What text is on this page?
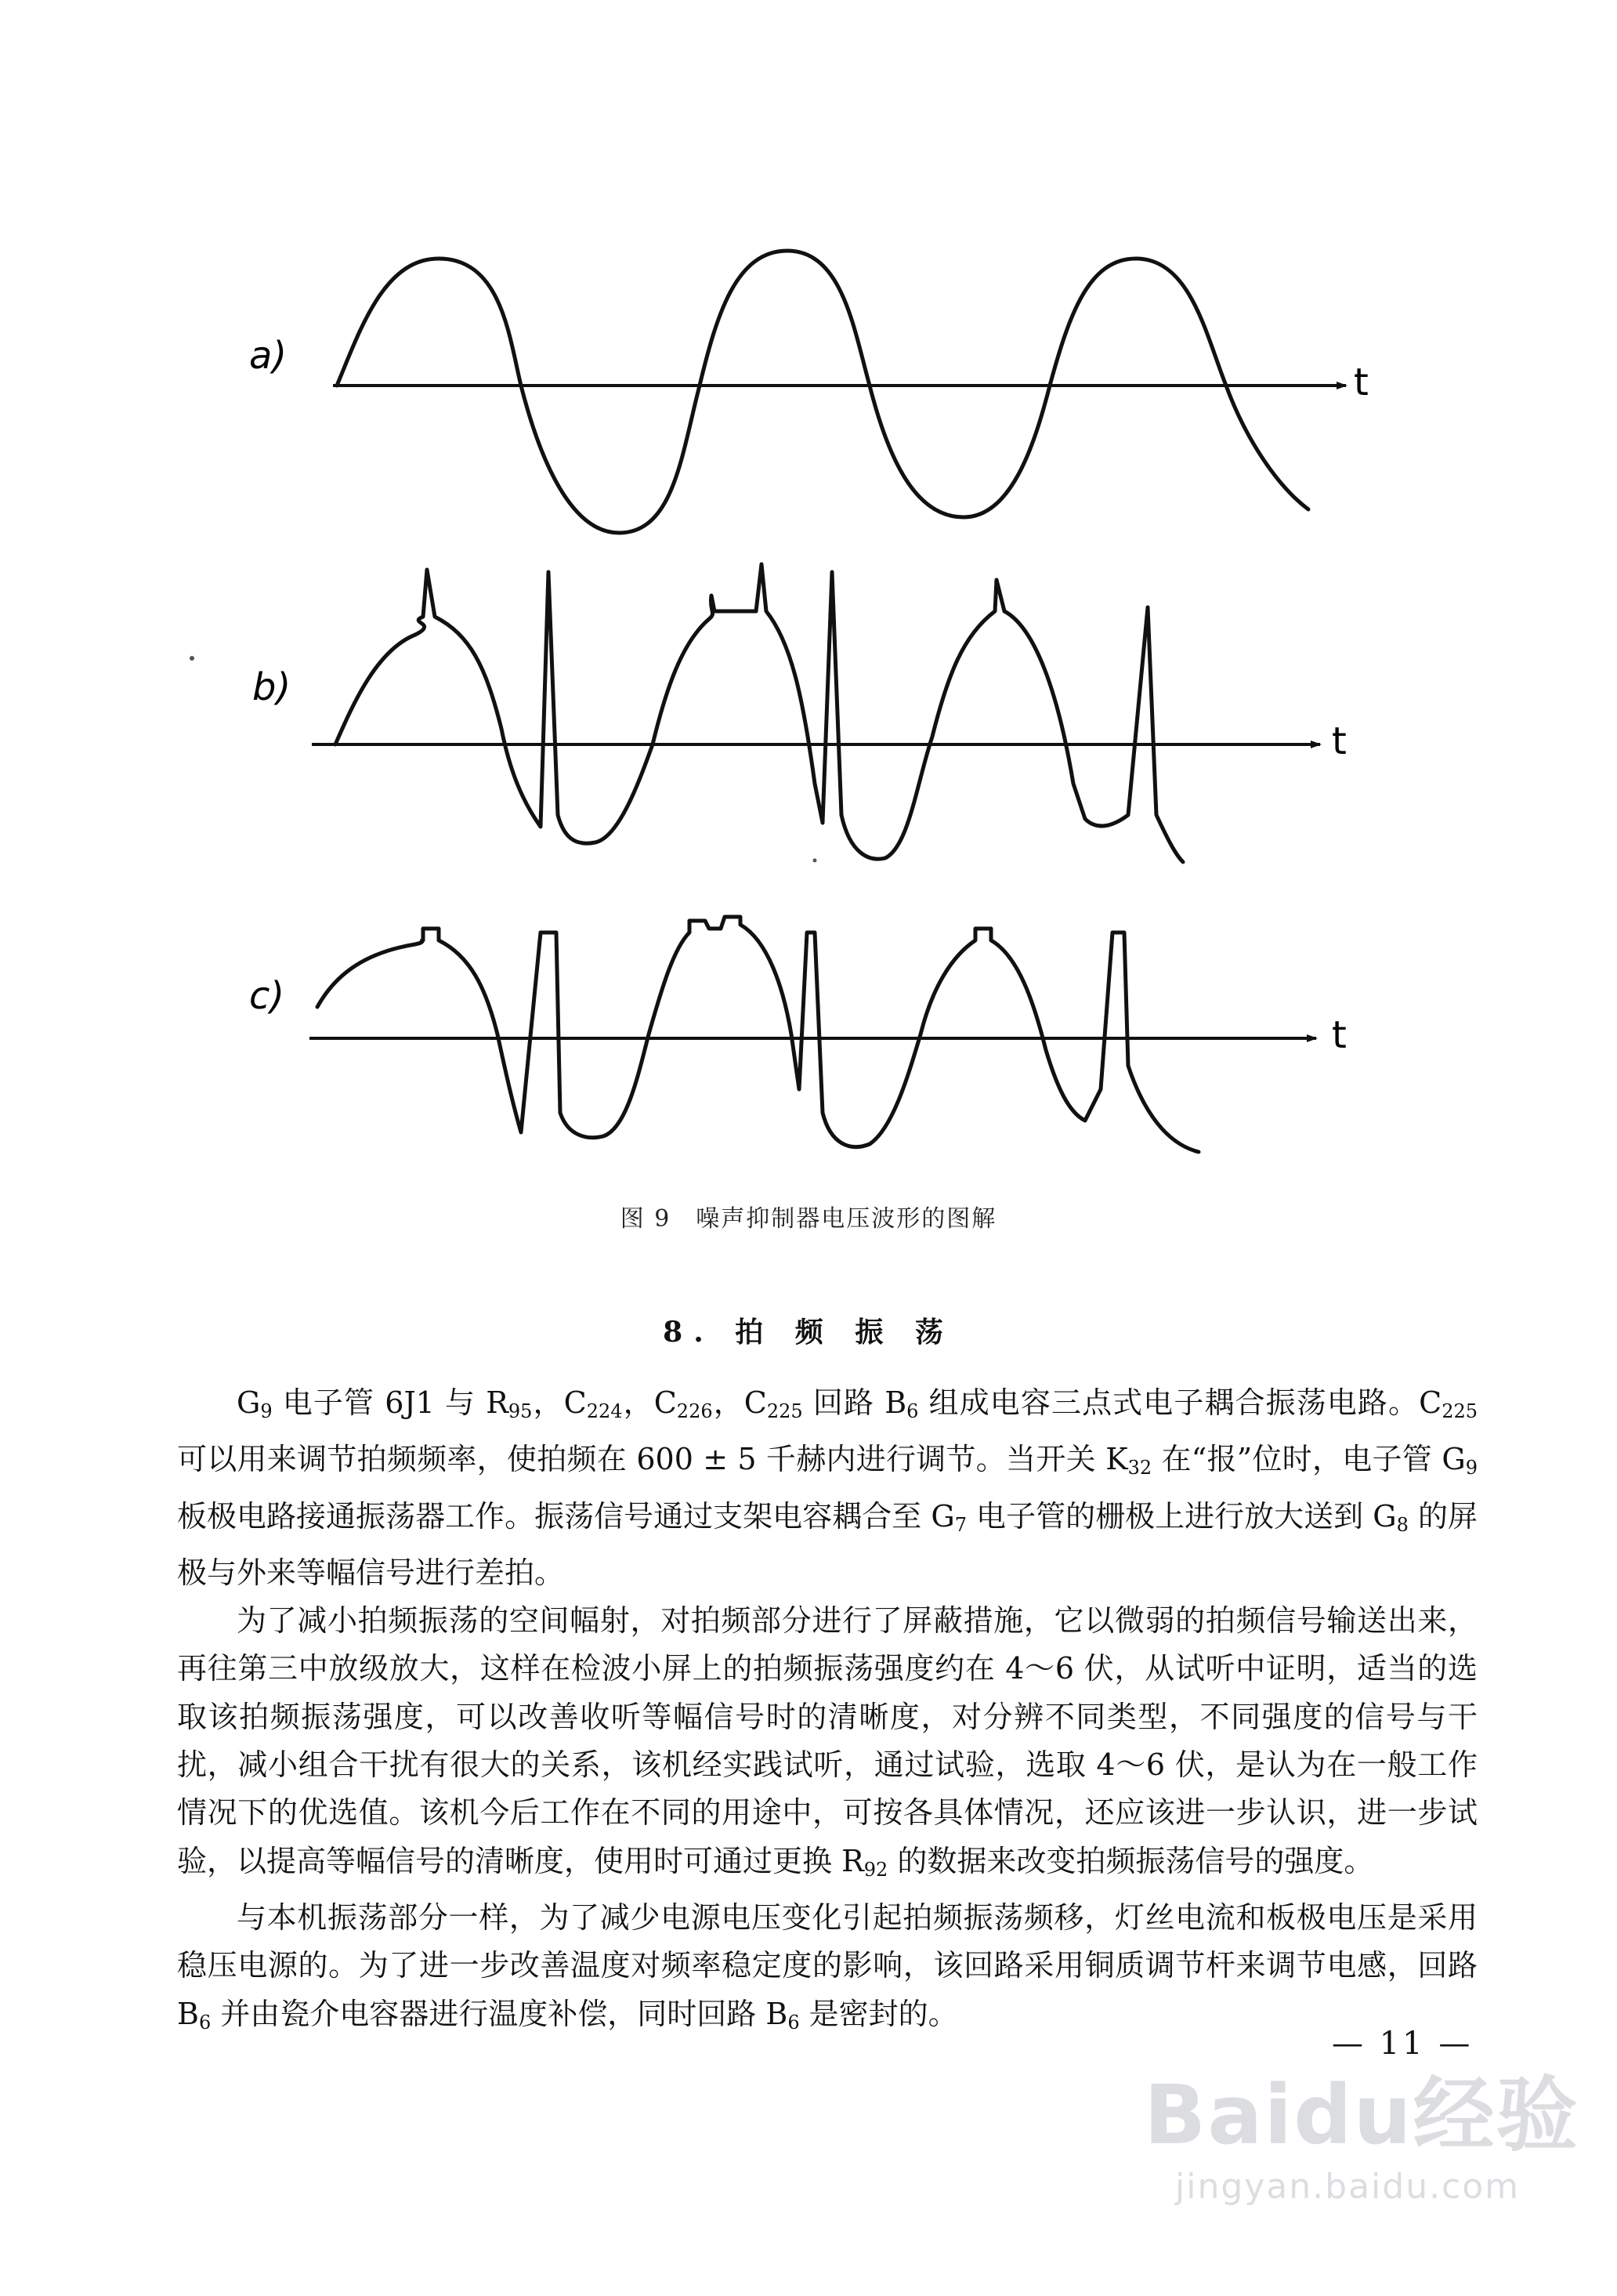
a)
t
b)
t
c)
t
图 9　噪声抑制器电压波形的图解
8. 拍 频 振 荡

$G_9$ 电子管 6J1 与 $R_{95}$，$C_{224}$，$C_{226}$，$C_{225}$ 回路 $B_6$ 组成电容三点式电子耦合振荡电路。$C_{225}$ 可以用来调节拍频频率，使拍频在 600 ± 5 千赫内进行调节。当开关 $K_{32}$ 在“报”位时，电子管 $G_9$ 板极电路接通振荡器工作。振荡信号通过支架电容耦合至 $G_7$ 电子管的栅极上进行放大送到 $G_8$ 的屏极与外来等幅信号进行差拍。

为了减小拍频振荡的空间幅射，对拍频部分进行了屏蔽措施，它以微弱的拍频信号输送出来，再往第三中放级放大，这样在检波小屏上的拍频振荡强度约在 4～6 伏，从试听中证明，适当的选取该拍频振荡强度，可以改善收听等幅信号时的清晰度，对分辨不同类型，不同强度的信号与干扰，减小组合干扰有很大的关系，该机经实践试听，通过试验，选取 4～6 伏，是认为在一般工作情况下的优选值。该机今后工作在不同的用途中，可按各具体情况，还应该进一步认识，进一步试验，以提高等幅信号的清晰度，使用时可通过更换 $R_{92}$ 的数据来改变拍频振荡信号的强度。

与本机振荡部分一样，为了减少电源电压变化引起拍频振荡频移，灯丝电流和板极电压是采用稳压电源的。为了进一步改善温度对频率稳定度的影响，该回路采用铜质调节杆来调节电感，回路 $B_6$ 并由瓷介电容器进行温度补偿，同时回路 $B_6$ 是密封的。

— 11 —
Baidu经验
jingyan.baidu.com
